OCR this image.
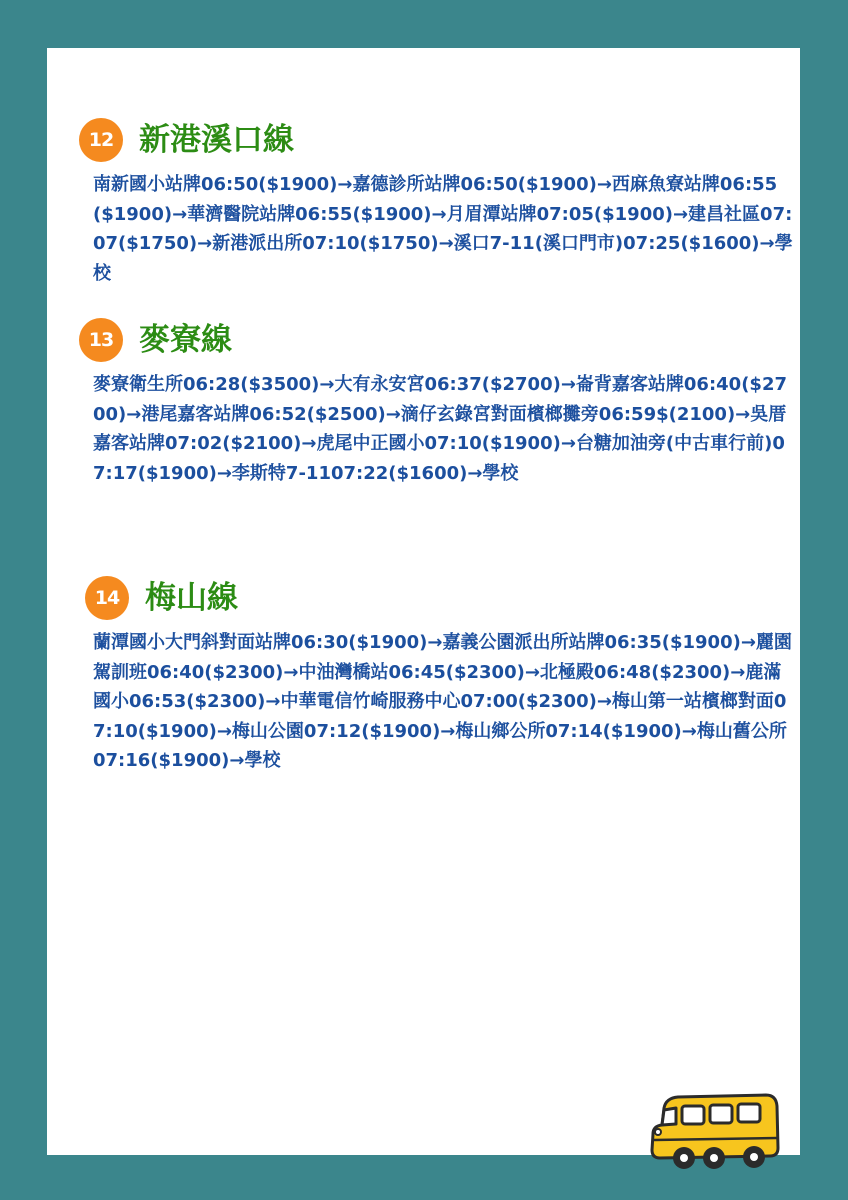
12 新港溪口線

南新國小站牌06:50($1900)→嘉德診所站牌06:50($1900)→西麻魚寮站牌06:55($1900)→華濟醫院站牌06:55($1900)→月眉潭站牌07:05($1900)→建昌社區07:07($1750)→新港派出所07:10($1750)→溪口7-11(溪口門市)07:25($1600)→學校

13 麥寮線

麥寮衛生所06:28($3500)→大有永安宮06:37($2700)→崙背嘉客站牌06:40($2700)→港尾嘉客站牌06:52($2500)→滴仔玄錄宮對面檳榔攤旁06:59$(2100)→吳厝嘉客站牌07:02($2100)→虎尾中正國小07:10($1900)→台糖加油旁(中古車行前)07:17($1900)→李斯特7-1107:22($1600)→學校

14 梅山線

蘭潭國小大門斜對面站牌06:30($1900)→嘉義公園派出所站牌06:35($1900)→麗園駕訓班06:40($2300)→中油灣橋站06:45($2300)→北極殿06:48($2300)→鹿滿國小06:53($2300)→中華電信竹崎服務中心07:00($2300)→梅山第一站檳榔對面07:10($1900)→梅山公園07:12($1900)→梅山鄉公所07:14($1900)→梅山舊公所07:16($1900)→學校
